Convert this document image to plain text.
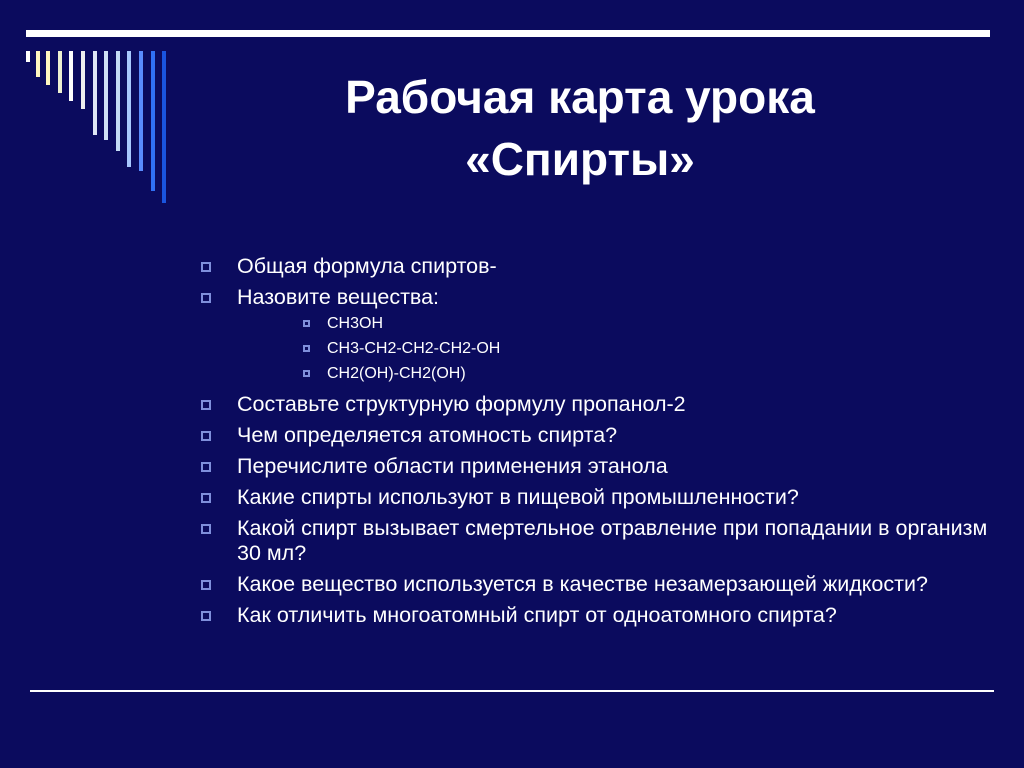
Рабочая карта урока
«Спирты»
Общая формула спиртов-
Назовите вещества:
CH3OH
CH3-CH2-CH2-CH2-OH
CH2(OH)-CH2(OH)
Составьте структурную формулу пропанол-2
Чем определяется атомность спирта?
Перечислите области применения этанола
Какие спирты используют в пищевой промышленности?
Какой спирт вызывает смертельное отравление при попадании в организм 30 мл?
Какое вещество используется в качестве незамерзающей жидкости?
Как отличить многоатомный спирт от одноатомного спирта?
